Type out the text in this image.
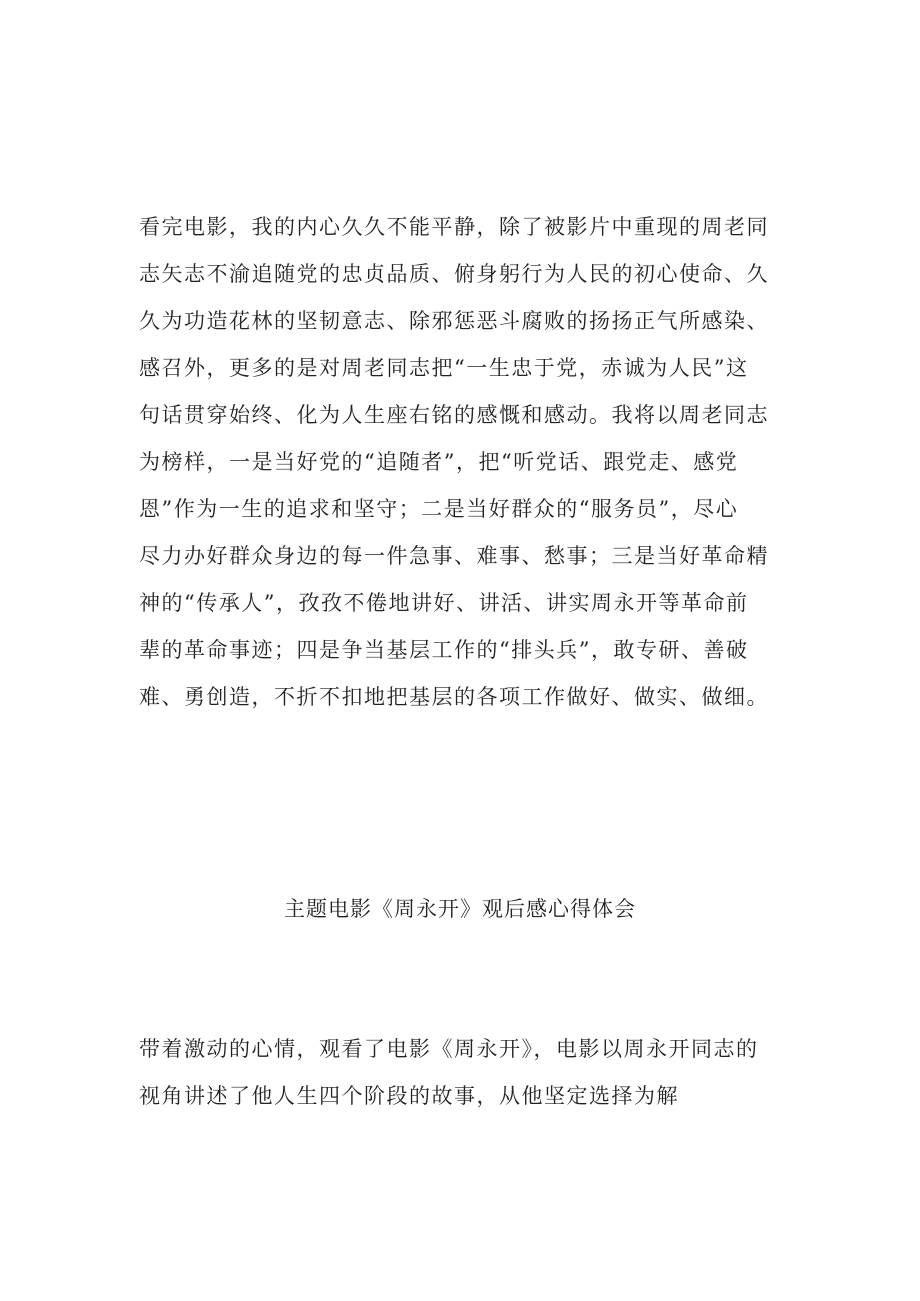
看完电影，我的内心久久不能平静，除了被影片中重现的周老同
志矢志不渝追随党的忠贞品质、俯身躬行为人民的初心使命、久
久为功造花林的坚韧意志、除邪惩恶斗腐败的扬扬正气所感染、
感召外，更多的是对周老同志把“一生忠于党，赤诚为人民”这
句话贯穿始终、化为人生座右铭的感慨和感动。我将以周老同志
为榜样，一是当好党的“追随者”，把“听党话、跟党走、感党
恩”作为一生的追求和坚守；二是当好群众的“服务员”，尽心
尽力办好群众身边的每一件急事、难事、愁事；三是当好革命精
神的“传承人”，孜孜不倦地讲好、讲活、讲实周永开等革命前
辈的革命事迹；四是争当基层工作的“排头兵”，敢专研、善破
难、勇创造，不折不扣地把基层的各项工作做好、做实、做细。
主题电影《周永开》观后感心得体会
带着激动的心情，观看了电影《周永开》，电影以周永开同志的
视角讲述了他人生四个阶段的故事，从他坚定选择为解
